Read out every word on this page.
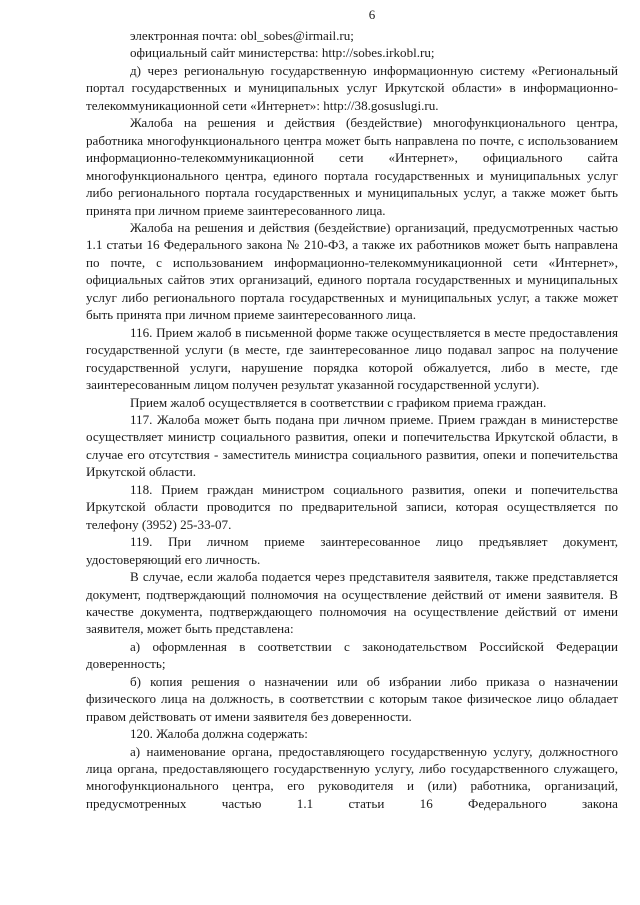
6

электронная почта: obl_sobes@irmail.ru;

официальный сайт министерства: http://sobes.irkobl.ru;

д) через региональную государственную информационную систему «Региональный портал государственных и муниципальных услуг Иркутской области» в информационно-телекоммуникационной сети «Интернет»: http://38.gosuslugi.ru.

Жалоба на решения и действия (бездействие) многофункционального центра, работника многофункционального центра может быть направлена по почте, с использованием информационно-телекоммуникационной сети «Интернет», официального сайта многофункционального центра, единого портала государственных и муниципальных услуг либо регионального портала государственных и муниципальных услуг, а также может быть принята при личном приеме заинтересованного лица.

Жалоба на решения и действия (бездействие) организаций, предусмотренных частью 1.1 статьи 16 Федерального закона № 210-ФЗ, а также их работников может быть направлена по почте, с использованием информационно-телекоммуникационной сети «Интернет», официальных сайтов этих организаций, единого портала государственных и муниципальных услуг либо регионального портала государственных и муниципальных услуг, а также может быть принята при личном приеме заинтересованного лица.

116. Прием жалоб в письменной форме также осуществляется в месте предоставления государственной услуги (в месте, где заинтересованное лицо подавал запрос на получение государственной услуги, нарушение порядка которой обжалуется, либо в месте, где заинтересованным лицом получен результат указанной государственной услуги).

Прием жалоб осуществляется в соответствии с графиком приема граждан.

117. Жалоба может быть подана при личном приеме. Прием граждан в министерстве осуществляет министр социального развития, опеки и попечительства Иркутской области, в случае его отсутствия - заместитель министра социального развития, опеки и попечительства Иркутской области.

118. Прием граждан министром социального развития, опеки и попечительства Иркутской области проводится по предварительной записи, которая осуществляется по телефону (3952) 25-33-07.

119. При личном приеме заинтересованное лицо предъявляет документ, удостоверяющий его личность.

В случае, если жалоба подается через представителя заявителя, также представляется документ, подтверждающий полномочия на осуществление действий от имени заявителя. В качестве документа, подтверждающего полномочия на осуществление действий от имени заявителя, может быть представлена:

а) оформленная в соответствии с законодательством Российской Федерации доверенность;

б) копия решения о назначении или об избрании либо приказа о назначении физического лица на должность, в соответствии с которым такое физическое лицо обладает правом действовать от имени заявителя без доверенности.

120. Жалоба должна содержать:

а) наименование органа, предоставляющего государственную услугу, должностного лица органа, предоставляющего государственную услугу, либо государственного служащего, многофункционального центра, его руководителя и (или) работника, организаций, предусмотренных частью 1.1 статьи 16 Федерального закона
